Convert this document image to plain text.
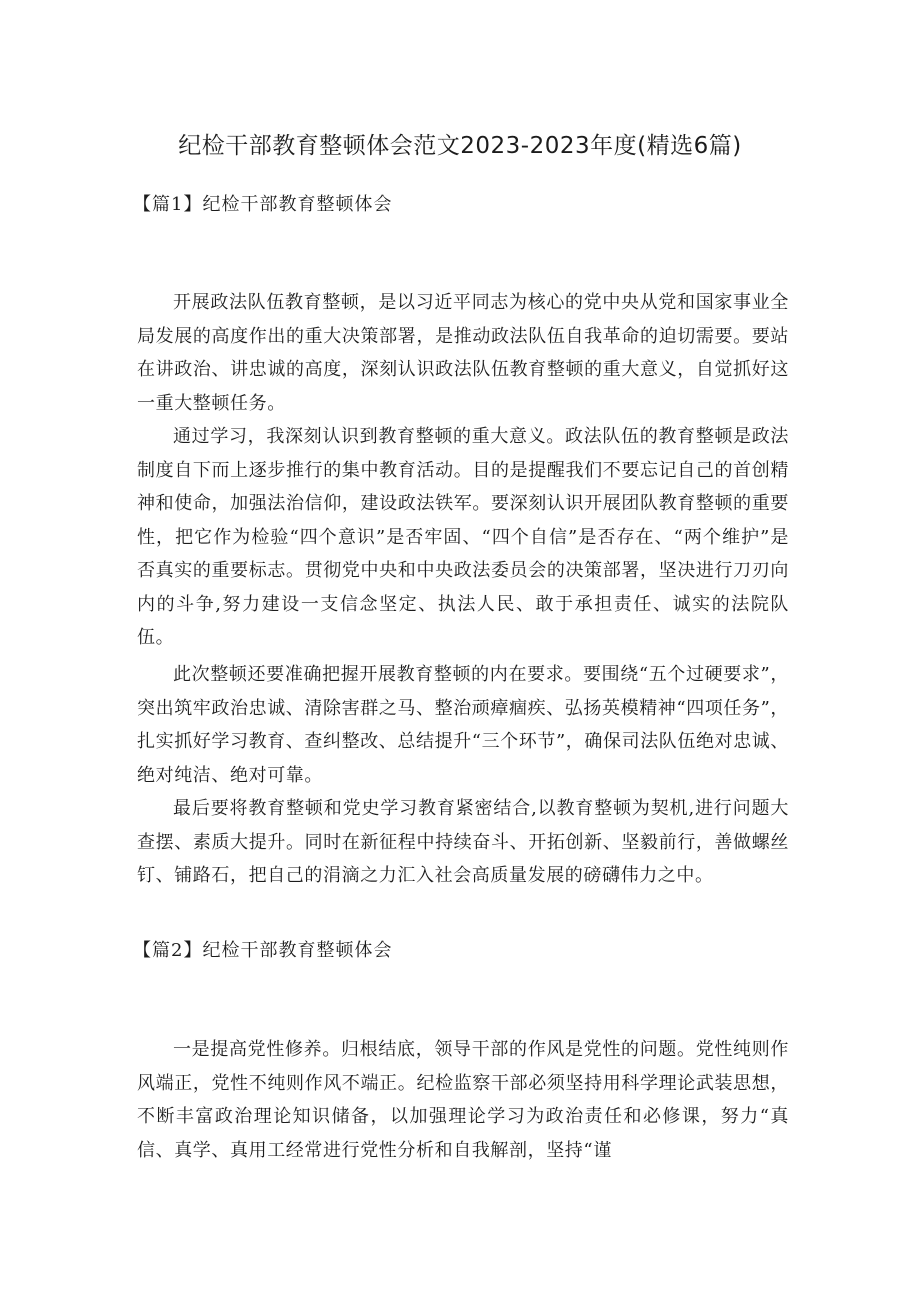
纪检干部教育整顿体会范文2023-2023年度(精选6篇)
【篇1】纪检干部教育整顿体会

开展政法队伍教育整顿，是以习近平同志为核心的党中央从党和国家事业全局发展的高度作出的重大决策部署，是推动政法队伍自我革命的迫切需要。要站在讲政治、讲忠诚的高度，深刻认识政法队伍教育整顿的重大意义，自觉抓好这一重大整顿任务。

通过学习，我深刻认识到教育整顿的重大意义。政法队伍的教育整顿是政法制度自下而上逐步推行的集中教育活动。目的是提醒我们不要忘记自己的首创精神和使命，加强法治信仰，建设政法铁军。要深刻认识开展团队教育整顿的重要性，把它作为检验“四个意识”是否牢固、“四个自信”是否存在、“两个维护”是否真实的重要标志。贯彻党中央和中央政法委员会的决策部署，坚决进行刀刃向内的斗争,努力建设一支信念坚定、执法人民、敢于承担责任、诚实的法院队伍。

此次整顿还要准确把握开展教育整顿的内在要求。要围绕“五个过硬要求”，突出筑牢政治忠诚、清除害群之马、整治顽瘴痼疾、弘扬英模精神“四项任务”，扎实抓好学习教育、查纠整改、总结提升“三个环节”，确保司法队伍绝对忠诚、绝对纯洁、绝对可靠。

最后要将教育整顿和党史学习教育紧密结合,以教育整顿为契机,进行问题大查摆、素质大提升。同时在新征程中持续奋斗、开拓创新、坚毅前行，善做螺丝钉、铺路石，把自己的涓滴之力汇入社会高质量发展的磅礴伟力之中。

【篇2】纪检干部教育整顿体会

一是提高党性修养。归根结底，领导干部的作风是党性的问题。党性纯则作风端正，党性不纯则作风不端正。纪检监察干部必须坚持用科学理论武装思想，不断丰富政治理论知识储备，以加强理论学习为政治责任和必修课，努力“真信、真学、真用工经常进行党性分析和自我解剖，坚持“谨
